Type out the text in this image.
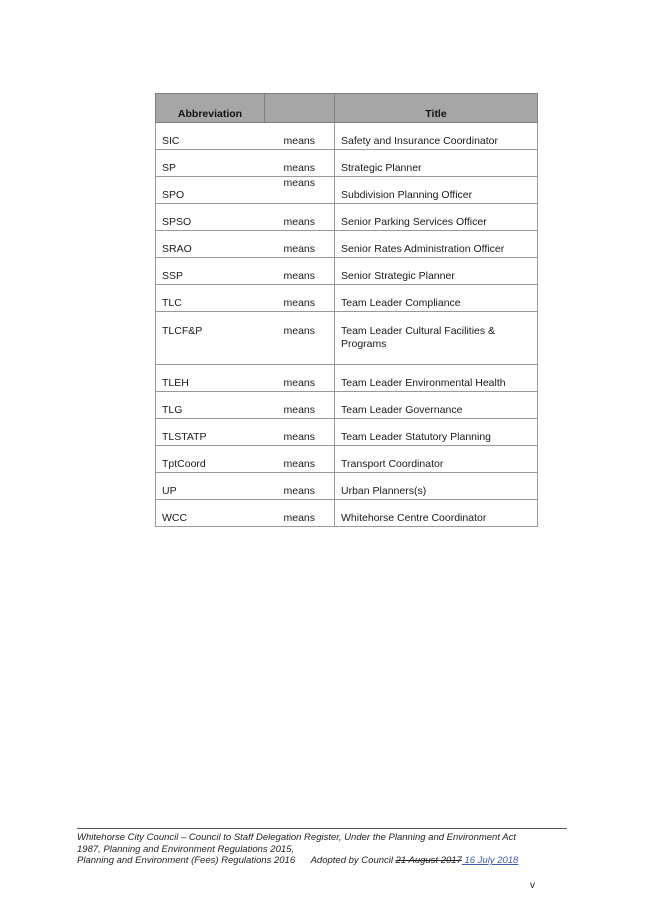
Abbreviation		Title
SIC	means	Safety and Insurance Coordinator
SP	means	Strategic Planner
SPO	means	Subdivision Planning Officer
SPSO	means	Senior Parking Services Officer
SRAO	means	Senior Rates Administration Officer
SSP	means	Senior Strategic Planner
TLC	means	Team Leader Compliance
TLCF&P	means	Team Leader Cultural Facilities & Programs
TLEH	means	Team Leader Environmental Health
TLG	means	Team Leader Governance
TLSTATP	means	Team Leader Statutory Planning
TptCoord	means	Transport Coordinator
UP	means	Urban Planners(s)
WCC	means	Whitehorse Centre Coordinator
Whitehorse City Council – Council to Staff Delegation Register, Under the Planning and Environment Act
1987, Planning and Environment Regulations 2015,
Planning and Environment (Fees) Regulations 2016      Adopted by Council 21 August 2017 16 July 2018
v
